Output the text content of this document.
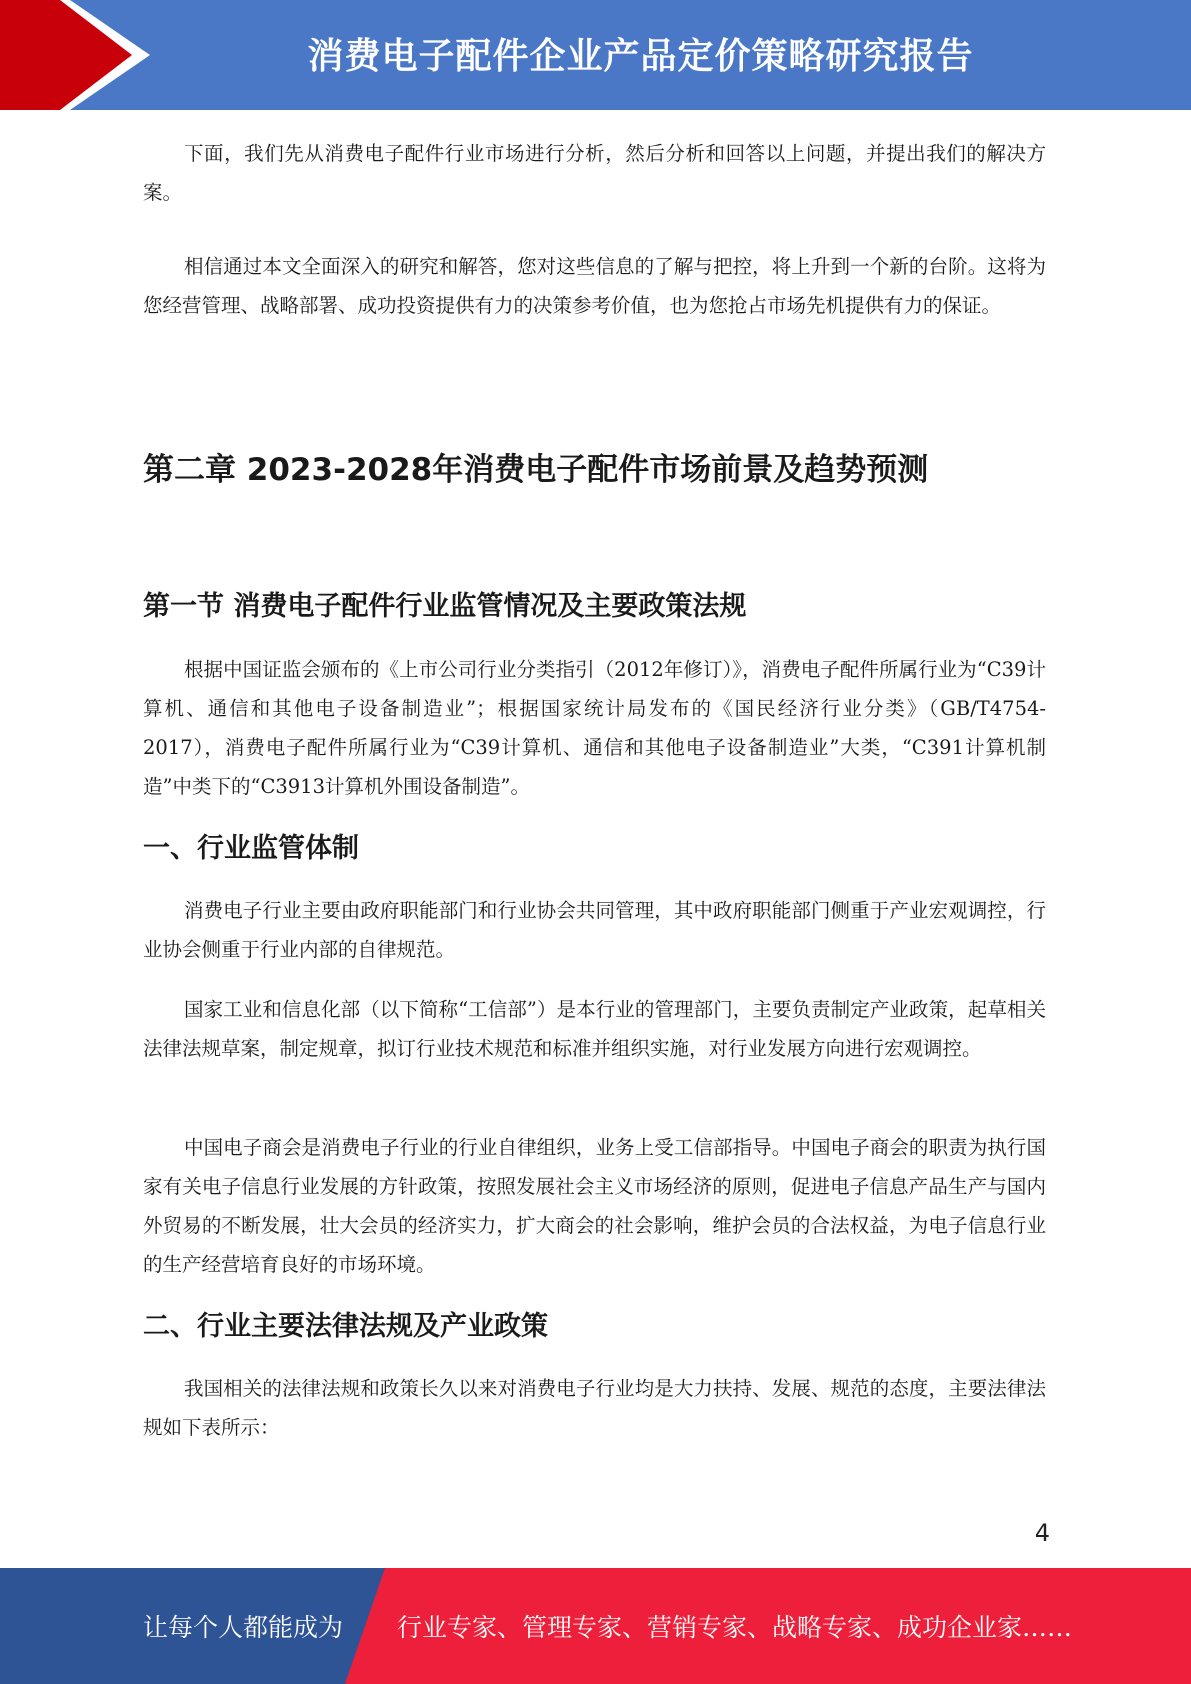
消费电子配件企业产品定价策略研究报告

下面，我们先从消费电子配件行业市场进行分析，然后分析和回答以上问题，并提出我们的解决方案。

相信通过本文全面深入的研究和解答，您对这些信息的了解与把控，将上升到一个新的台阶。这将为您经营管理、战略部署、成功投资提供有力的决策参考价值，也为您抢占市场先机提供有力的保证。

第二章 2023-2028年消费电子配件市场前景及趋势预测
第一节 消费电子配件行业监管情况及主要政策法规

根据中国证监会颁布的《上市公司行业分类指引（2012年修订）》，消费电子配件所属行业为“C39计算机、通信和其他电子设备制造业”；根据国家统计局发布的《国民经济行业分类》（GB/T4754-2017），消费电子配件所属行业为“C39计算机、通信和其他电子设备制造业”大类，“C391计算机制造”中类下的“C3913计算机外围设备制造”。

一、行业监管体制

消费电子行业主要由政府职能部门和行业协会共同管理，其中政府职能部门侧重于产业宏观调控，行业协会侧重于行业内部的自律规范。

国家工业和信息化部（以下简称“工信部”）是本行业的管理部门，主要负责制定产业政策，起草相关法律法规草案，制定规章，拟订行业技术规范和标准并组织实施，对行业发展方向进行宏观调控。

中国电子商会是消费电子行业的行业自律组织，业务上受工信部指导。中国电子商会的职责为执行国家有关电子信息行业发展的方针政策，按照发展社会主义市场经济的原则，促进电子信息产品生产与国内外贸易的不断发展，壮大会员的经济实力，扩大商会的社会影响，维护会员的合法权益，为电子信息行业的生产经营培育良好的市场环境。

二、行业主要法律法规及产业政策

我国相关的法律法规和政策长久以来对消费电子行业均是大力扶持、发展、规范的态度，主要法律法规如下表所示：

4
让每个人都能成为 行业专家、管理专家、营销专家、战略专家、成功企业家……
